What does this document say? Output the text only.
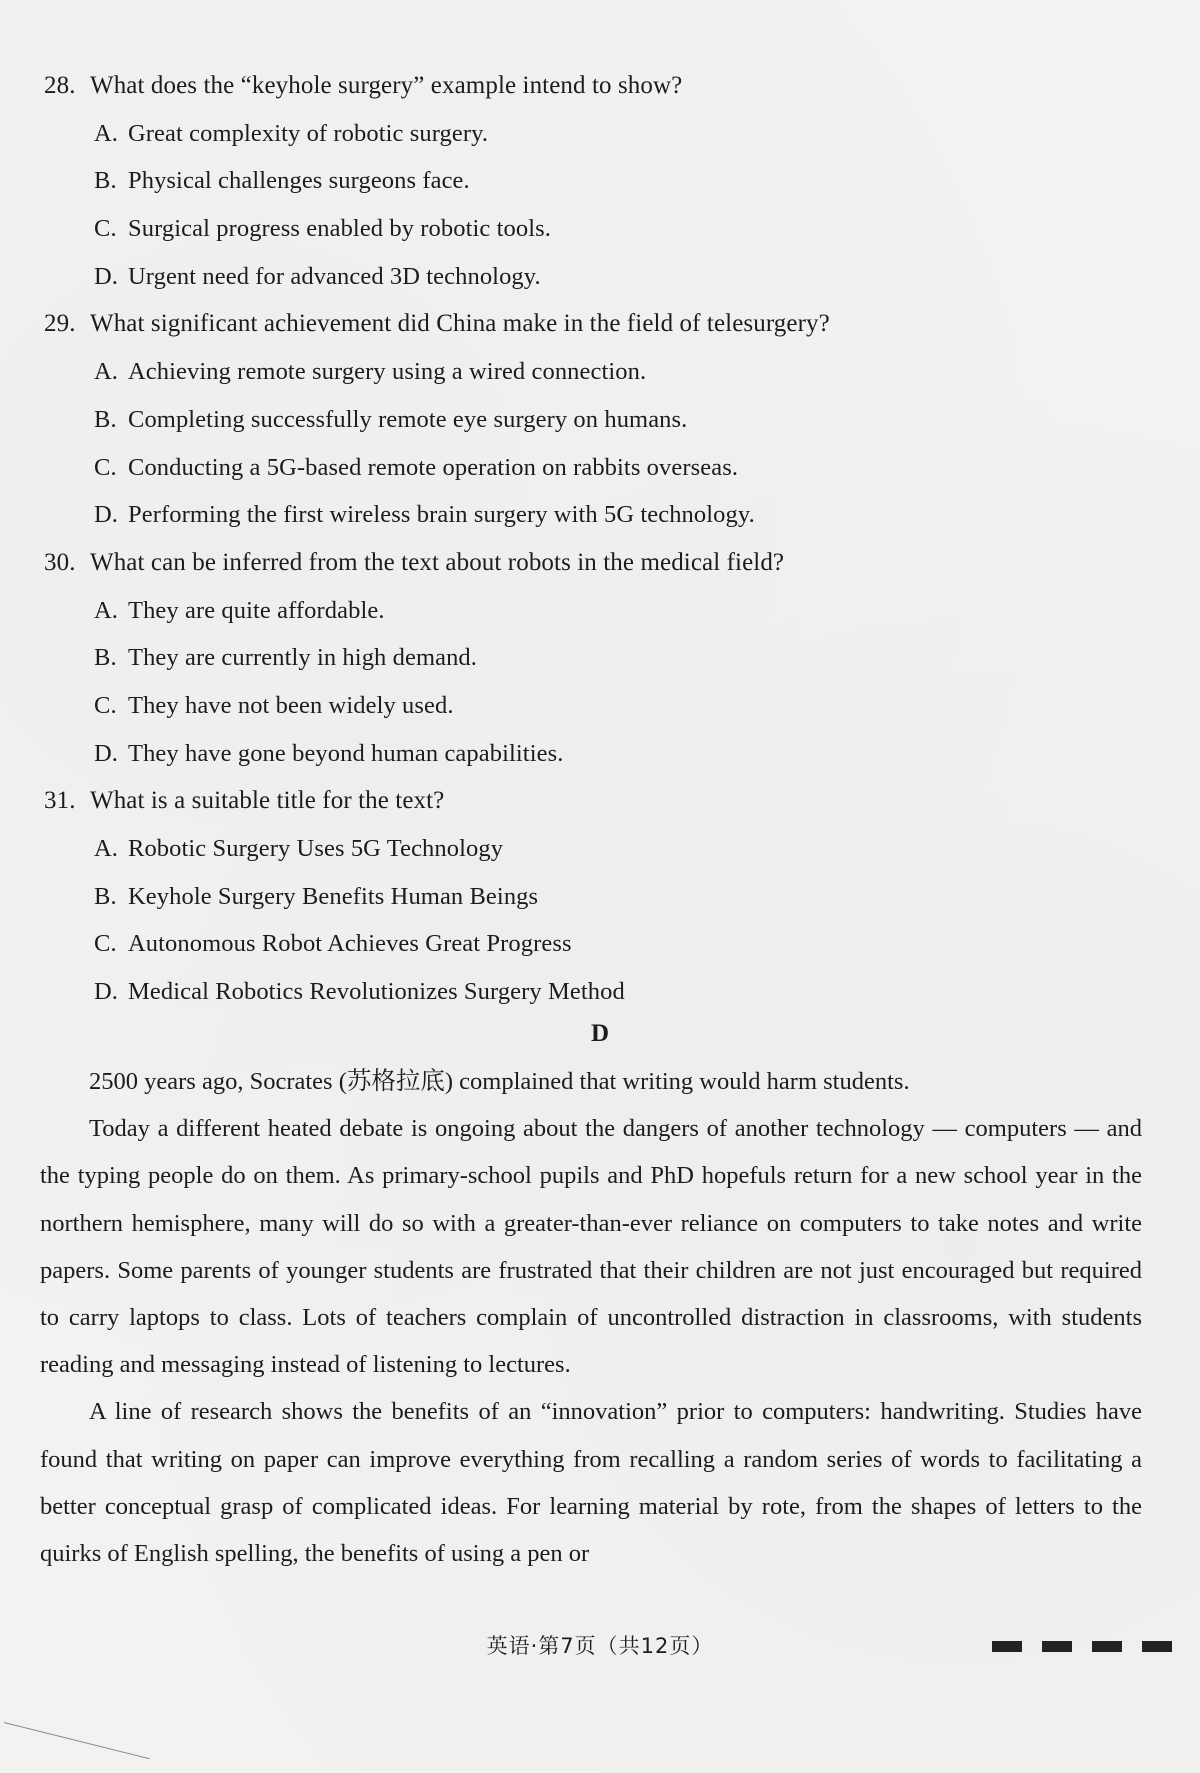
28. What does the “keyhole surgery” example intend to show?
A. Great complexity of robotic surgery.
B. Physical challenges surgeons face.
C. Surgical progress enabled by robotic tools.
D. Urgent need for advanced 3D technology.
29. What significant achievement did China make in the field of telesurgery?
A. Achieving remote surgery using a wired connection.
B. Completing successfully remote eye surgery on humans.
C. Conducting a 5G-based remote operation on rabbits overseas.
D. Performing the first wireless brain surgery with 5G technology.
30. What can be inferred from the text about robots in the medical field?
A. They are quite affordable.
B. They are currently in high demand.
C. They have not been widely used.
D. They have gone beyond human capabilities.
31. What is a suitable title for the text?
A. Robotic Surgery Uses 5G Technology
B. Keyhole Surgery Benefits Human Beings
C. Autonomous Robot Achieves Great Progress
D. Medical Robotics Revolutionizes Surgery Method
D

2500 years ago, Socrates (苏格拉底) complained that writing would harm students.

Today a different heated debate is ongoing about the dangers of another technology — computers — and the typing people do on them. As primary-school pupils and PhD hopefuls return for a new school year in the northern hemisphere, many will do so with a greater-than-ever reliance on computers to take notes and write papers. Some parents of younger students are frustrated that their children are not just encouraged but required to carry laptops to class. Lots of teachers complain of uncontrolled distraction in classrooms, with students reading and messaging instead of listening to lectures.

A line of research shows the benefits of an “innovation” prior to computers: handwriting. Studies have found that writing on paper can improve everything from recalling a random series of words to facilitating a better conceptual grasp of complicated ideas. For learning material by rote, from the shapes of letters to the quirks of English spelling, the benefits of using a pen or

英语·第7页（共12页）
